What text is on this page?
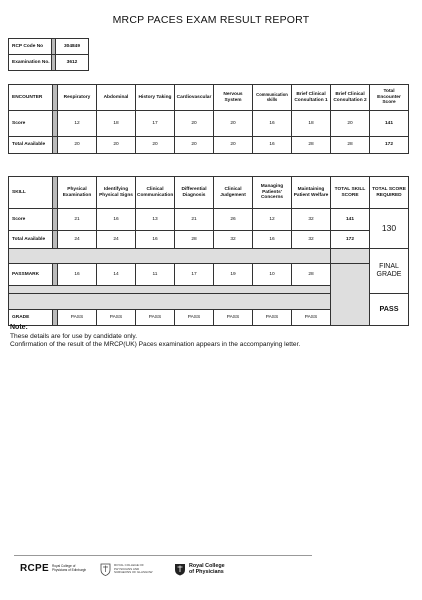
MRCP PACES EXAM RESULT REPORT
RCP Code No		304849
Examination No.		3612
ENCOUNTER		Respiratory	Abdominal	History Taking	Cardiovascular	Nervous System	Communication skills	Brief Clinical Consultation 1	Brief Clinical Consultation 2	Total Encounter Score
Score		12	18	17	20	20	16	18	20	141
Total Available		20	20	20	20	20	16	28	28	172
SKILL		Physical Examination	Identifying Physical Signs	Clinical Communication	Differential Diagnosis	Clinical Judgement	Managing Patients' Concerns	Maintaining Patient Welfare	TOTAL SKILL SCORE	TOTAL SCORE REQUIRED
Score		21	16	13	21	26	12	32	141	130
Total Available		24	24	16	28	32	16	32	172	
										FINAL GRADE
PASSMARK		16	14	11	17	19	10	28		

										PASS
GRADE		PASS	PASS	PASS	PASS	PASS	PASS	PASS		
Note:
These details are for use by candidate only.
Confirmation of the result of the MRCP(UK) Paces examination appears in the accompanying letter.
RCPE Royal College of
Physicians of Edinburgh
ROYAL COLLEGE OF
PHYSICIANS AND
SURGEONS OF GLASGOW
Royal College
of Physicians
